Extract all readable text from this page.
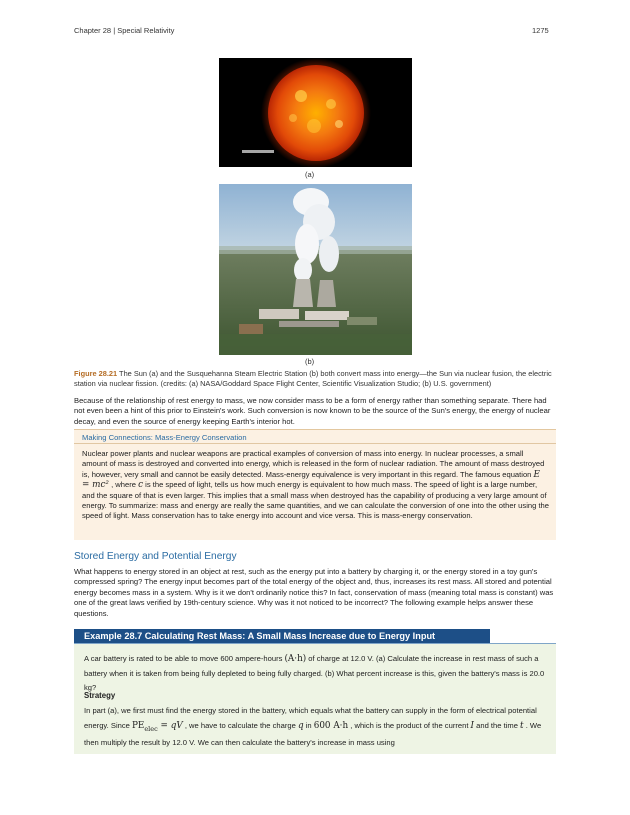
Chapter 28 | Special Relativity	1275
(a)
(b)
Figure 28.21 The Sun (a) and the Susquehanna Steam Electric Station (b) both convert mass into energy—the Sun via nuclear fusion, the electric station via nuclear fission. (credits: (a) NASA/Goddard Space Flight Center, Scientific Visualization Studio; (b) U.S. government)

Because of the relationship of rest energy to mass, we now consider mass to be a form of energy rather than something separate. There had not even been a hint of this prior to Einstein's work. Such conversion is now known to be the source of the Sun's energy, the energy of nuclear decay, and even the source of energy keeping Earth's interior hot.

Making Connections: Mass-Energy Conservation

Nuclear power plants and nuclear weapons are practical examples of conversion of mass into energy. In nuclear processes, a small amount of mass is destroyed and converted into energy, which is released in the form of nuclear radiation. The amount of mass destroyed is, however, very small and cannot be easily detected. Mass-energy equivalence is very important in this regard. The famous equation E = mc² , where c is the speed of light, tells us how much energy is equivalent to how much mass. The speed of light is a large number, and the square of that is even larger. This implies that a small mass when destroyed has the capability of producing a very large amount of energy. To summarize: mass and energy are really the same quantities, and we can calculate the conversion of one into the other using the speed of light. Mass conservation has to take energy into account and vice versa. This is mass-energy conservation.

Stored Energy and Potential Energy

What happens to energy stored in an object at rest, such as the energy put into a battery by charging it, or the energy stored in a toy gun's compressed spring? The energy input becomes part of the total energy of the object and, thus, increases its rest mass. All stored and potential energy becomes mass in a system. Why is it we don't ordinarily notice this? In fact, conservation of mass (meaning total mass is constant) was one of the great laws verified by 19th-century science. Why was it not noticed to be incorrect? The following example helps answer these questions.

Example 28.7 Calculating Rest Mass: A Small Mass Increase due to Energy Input

A car battery is rated to be able to move 600 ampere-hours (A·h) of charge at 12.0 V. (a) Calculate the increase in rest mass of such a battery when it is taken from being fully depleted to being fully charged. (b) What percent increase is this, given the battery's mass is 20.0 kg?

Strategy

In part (a), we first must find the energy stored in the battery, which equals what the battery can supply in the form of electrical potential energy. Since $PE_{elec}$ = qV , we have to calculate the charge q in 600 A·h , which is the product of the current I and the time t . We then multiply the result by 12.0 V. We can then calculate the battery's increase in mass using
